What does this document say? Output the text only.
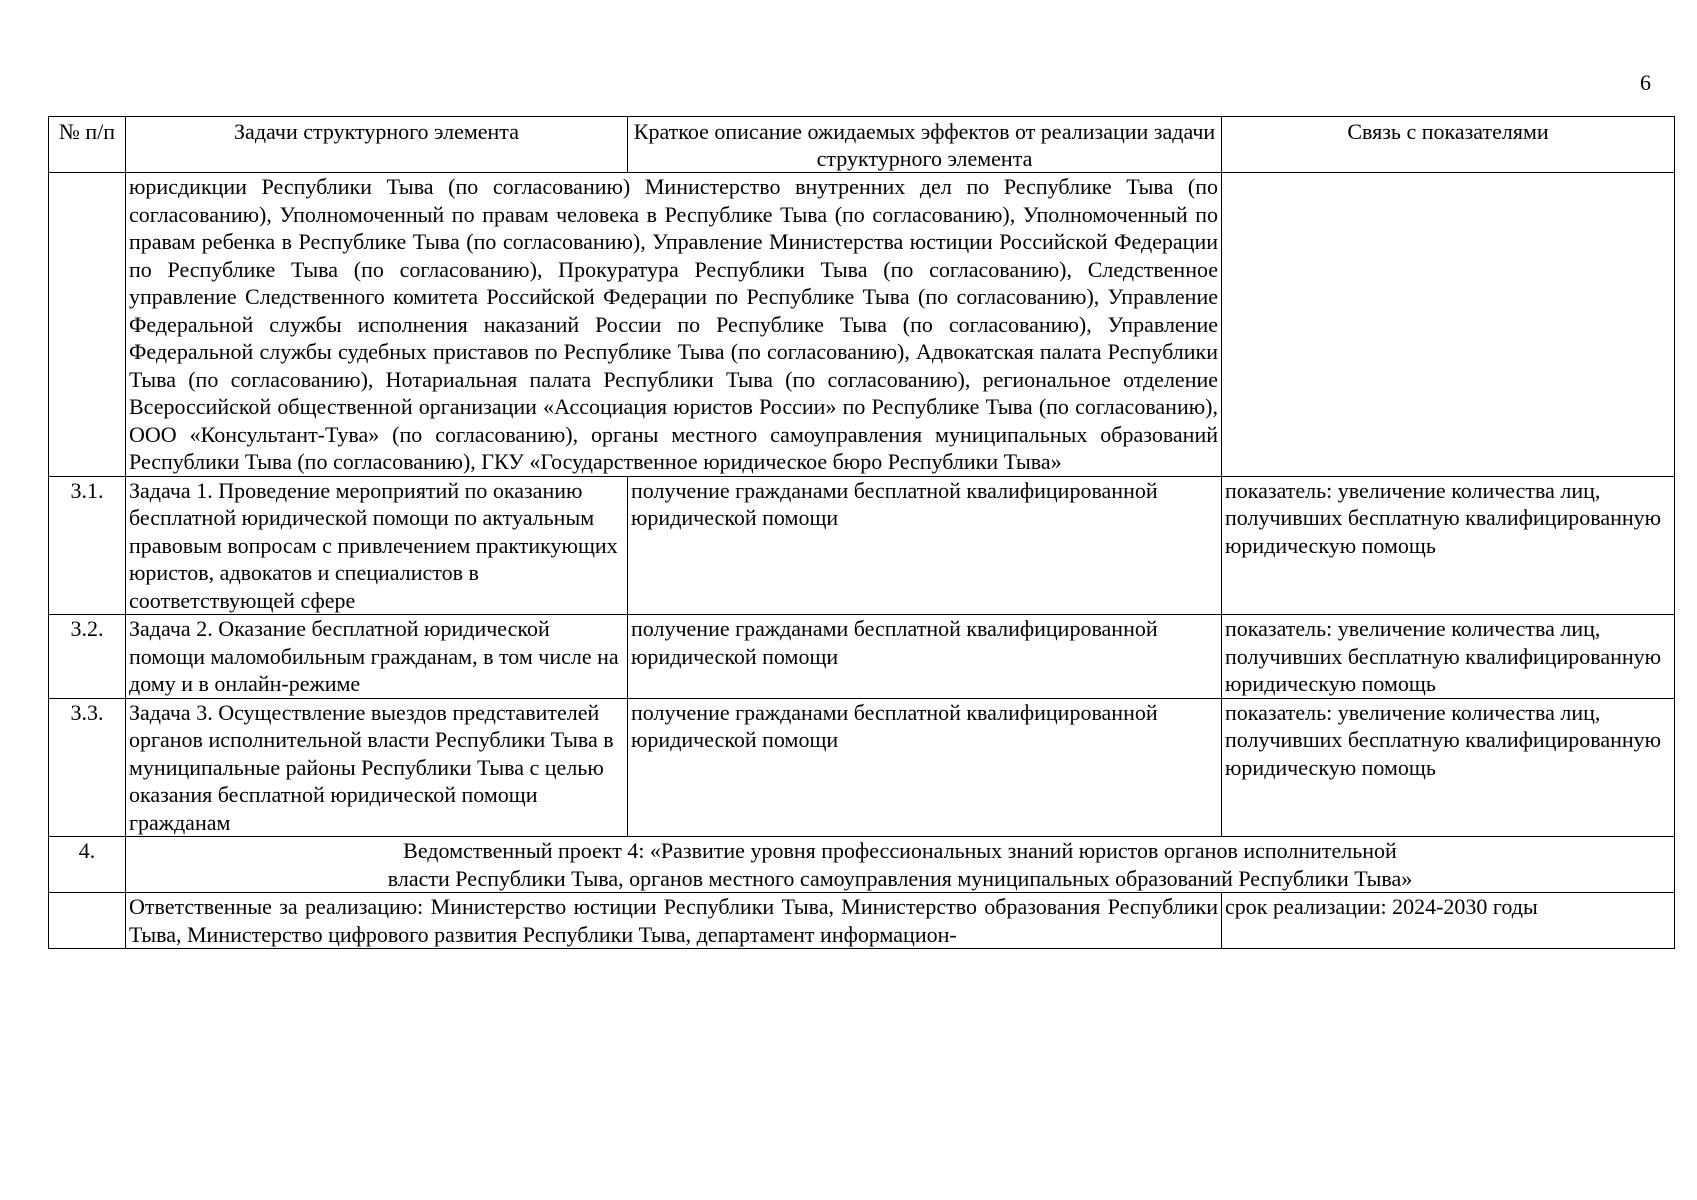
6
№ п/п	Задачи структурного элемента	Краткое описание ожидаемых эффектов от реализации задачи структурного элемента	Связь с показателями
	юрисдикции Республики Тыва (по согласованию) Министерство внутренних дел по Республике Тыва (по согласованию), Уполномоченный по правам человека в Республике Тыва (по согласованию), Уполномоченный по правам ребенка в Республике Тыва (по согласованию), Управление Министерства юстиции Российской Федерации по Республике Тыва (по согласованию), Прокуратура Республики Тыва (по согласованию), Следственное управление Следственного комитета Российской Федерации по Республике Тыва (по согласованию), Управление Федеральной службы исполнения наказаний России по Республике Тыва (по согласованию), Управление Федеральной службы судебных приставов по Республике Тыва (по согласованию), Адвокатская палата Республики Тыва (по согласованию), Нотариальная палата Республики Тыва (по согласованию), региональное отделение Всероссийской общественной организации «Ассоциация юристов России» по Республике Тыва (по согласованию), ООО «Консультант-Тува» (по согласованию), органы местного самоуправления муниципальных образований Республики Тыва (по согласованию), ГКУ «Государственное юридическое бюро Республики Тыва»		
3.1.	Задача 1. Проведение мероприятий по оказанию бесплатной юридической помощи по актуальным правовым вопросам с привлечением практикующих юристов, адвокатов и специалистов в соответствующей сфере	получение гражданами бесплатной квалифицированной юридической помощи	показатель: увеличение количества лиц, получивших бесплатную квалифицированную юридическую помощь
3.2.	Задача 2. Оказание бесплатной юридической помощи маломобильным гражданам, в том числе на дому и в онлайн-режиме	получение гражданами бесплатной квалифицированной юридической помощи	показатель: увеличение количества лиц, получивших бесплатную квалифицированную юридическую помощь
3.3.	Задача 3. Осуществление выездов представителей органов исполнительной власти Республики Тыва в муниципальные районы Республики Тыва с целью оказания бесплатной юридической помощи гражданам	получение гражданами бесплатной квалифицированной юридической помощи	показатель: увеличение количества лиц, получивших бесплатную квалифицированную юридическую помощь
4.	Ведомственный проект 4: «Развитие уровня профессиональных знаний юристов органов исполнительной
власти Республики Тыва, органов местного самоуправления муниципальных образований Республики Тыва»		

	Ответственные за реализацию: Министерство юстиции Республики Тыва, Министерство образования Республики Тыва, Министерство цифрового развития Республики Тыва, департамент информацион-		срок реализации: 2024-2030 годы
